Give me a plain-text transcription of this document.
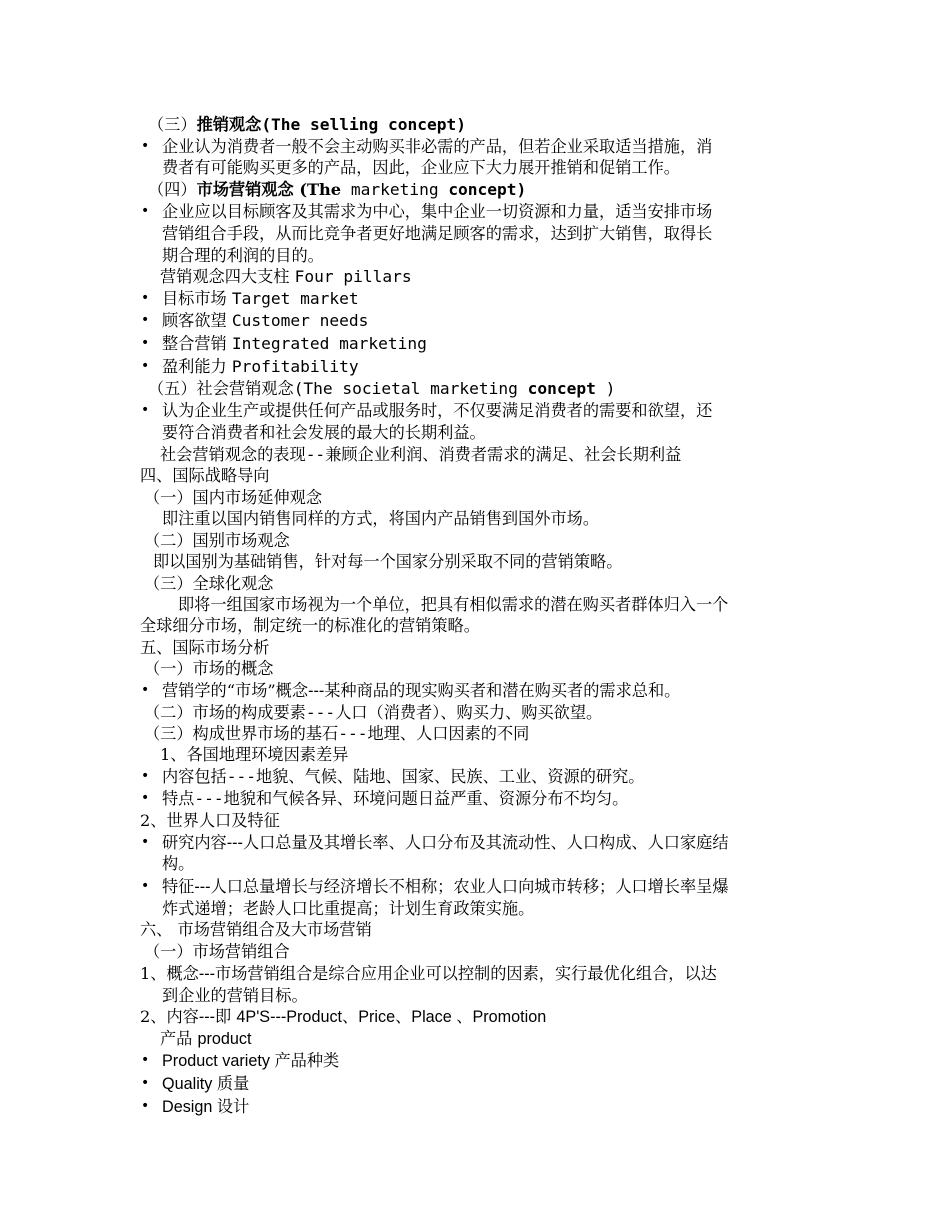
（三）推销观念(The selling concept)
• 企业认为消费者一般不会主动购买非必需的产品，但若企业采取适当措施，消
费者有可能购买更多的产品，因此，企业应下大力展开推销和促销工作。
（四）市场营销观念 (The marketing concept)
• 企业应以目标顾客及其需求为中心，集中企业一切资源和力量，适当安排市场
营销组合手段，从而比竞争者更好地满足顾客的需求，达到扩大销售，取得长
期合理的利润的目的。
营销观念四大支柱 Four pillars
• 目标市场 Target market
• 顾客欲望 Customer needs
• 整合营销 Integrated marketing
• 盈利能力 Profitability
（五）社会营销观念(The societal marketing concept )
• 认为企业生产或提供任何产品或服务时，不仅要满足消费者的需要和欲望，还
要符合消费者和社会发展的最大的长期利益。
社会营销观念的表现--兼顾企业利润、消费者需求的满足、社会长期利益
四、国际战略导向
（一）国内市场延伸观念
即注重以国内销售同样的方式，将国内产品销售到国外市场。
（二）国别市场观念
即以国别为基础销售，针对每一个国家分别采取不同的营销策略。
（三）全球化观念
即将一组国家市场视为一个单位，把具有相似需求的潜在购买者群体归入一个
全球细分市场，制定统一的标准化的营销策略。
五、国际市场分析
（一）市场的概念
• 营销学的“市场”概念---某种商品的现实购买者和潜在购买者的需求总和。
（二）市场的构成要素---人口（消费者）、购买力、购买欲望。
（三）构成世界市场的基石---地理、人口因素的不同
1、各国地理环境因素差异
• 内容包括---地貌、气候、陆地、国家、民族、工业、资源的研究。
• 特点---地貌和气候各异、环境问题日益严重、资源分布不均匀。
2、世界人口及特征
• 研究内容---人口总量及其增长率、人口分布及其流动性、人口构成、人口家庭结
构。
• 特征---人口总量增长与经济增长不相称；农业人口向城市转移；人口增长率呈爆
炸式递增；老龄人口比重提高；计划生育政策实施。
六、 市场营销组合及大市场营销
（一）市场营销组合
1、概念---市场营销组合是综合应用企业可以控制的因素，实行最优化组合，以达
到企业的营销目标。
2、内容---即 4P'S---Product、Price、Place 、Promotion
产品 product
• Product variety 产品种类
• Quality 质量
• Design 设计
